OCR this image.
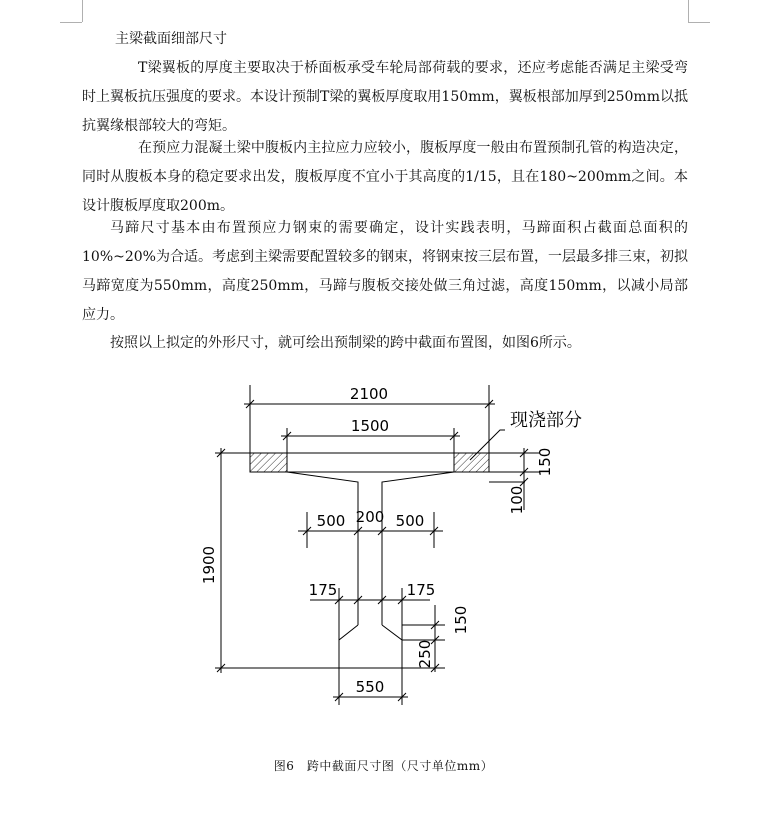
主梁截面细部尺寸

T梁翼板的厚度主要取决于桥面板承受车轮局部荷载的要求，还应考虑能否满足主梁受弯时上翼板抗压强度的要求。本设计预制T梁的翼板厚度取用150mm，翼板根部加厚到250mm以抵抗翼缘根部较大的弯矩。

在预应力混凝土梁中腹板内主拉应力应较小，腹板厚度一般由布置预制孔管的构造决定，同时从腹板本身的稳定要求出发，腹板厚度不宜小于其高度的1/15，且在180~200mm之间。本设计腹板厚度取200m。

马蹄尺寸基本由布置预应力钢束的需要确定，设计实践表明，马蹄面积占截面总面积的10%~20%为合适。考虑到主梁需要配置较多的钢束，将钢束按三层布置，一层最多排三束，初拟马蹄宽度为550mm，高度250mm，马蹄与腹板交接处做三角过滤，高度150mm，以减小局部应力。

按照以上拟定的外形尺寸，就可绘出预制梁的跨中截面布置图，如图6所示。

2100
1500	现浇部分
150
100
1900
500 200 500
175	175
150
250
550
图6　跨中截面尺寸图（尺寸单位mm）
